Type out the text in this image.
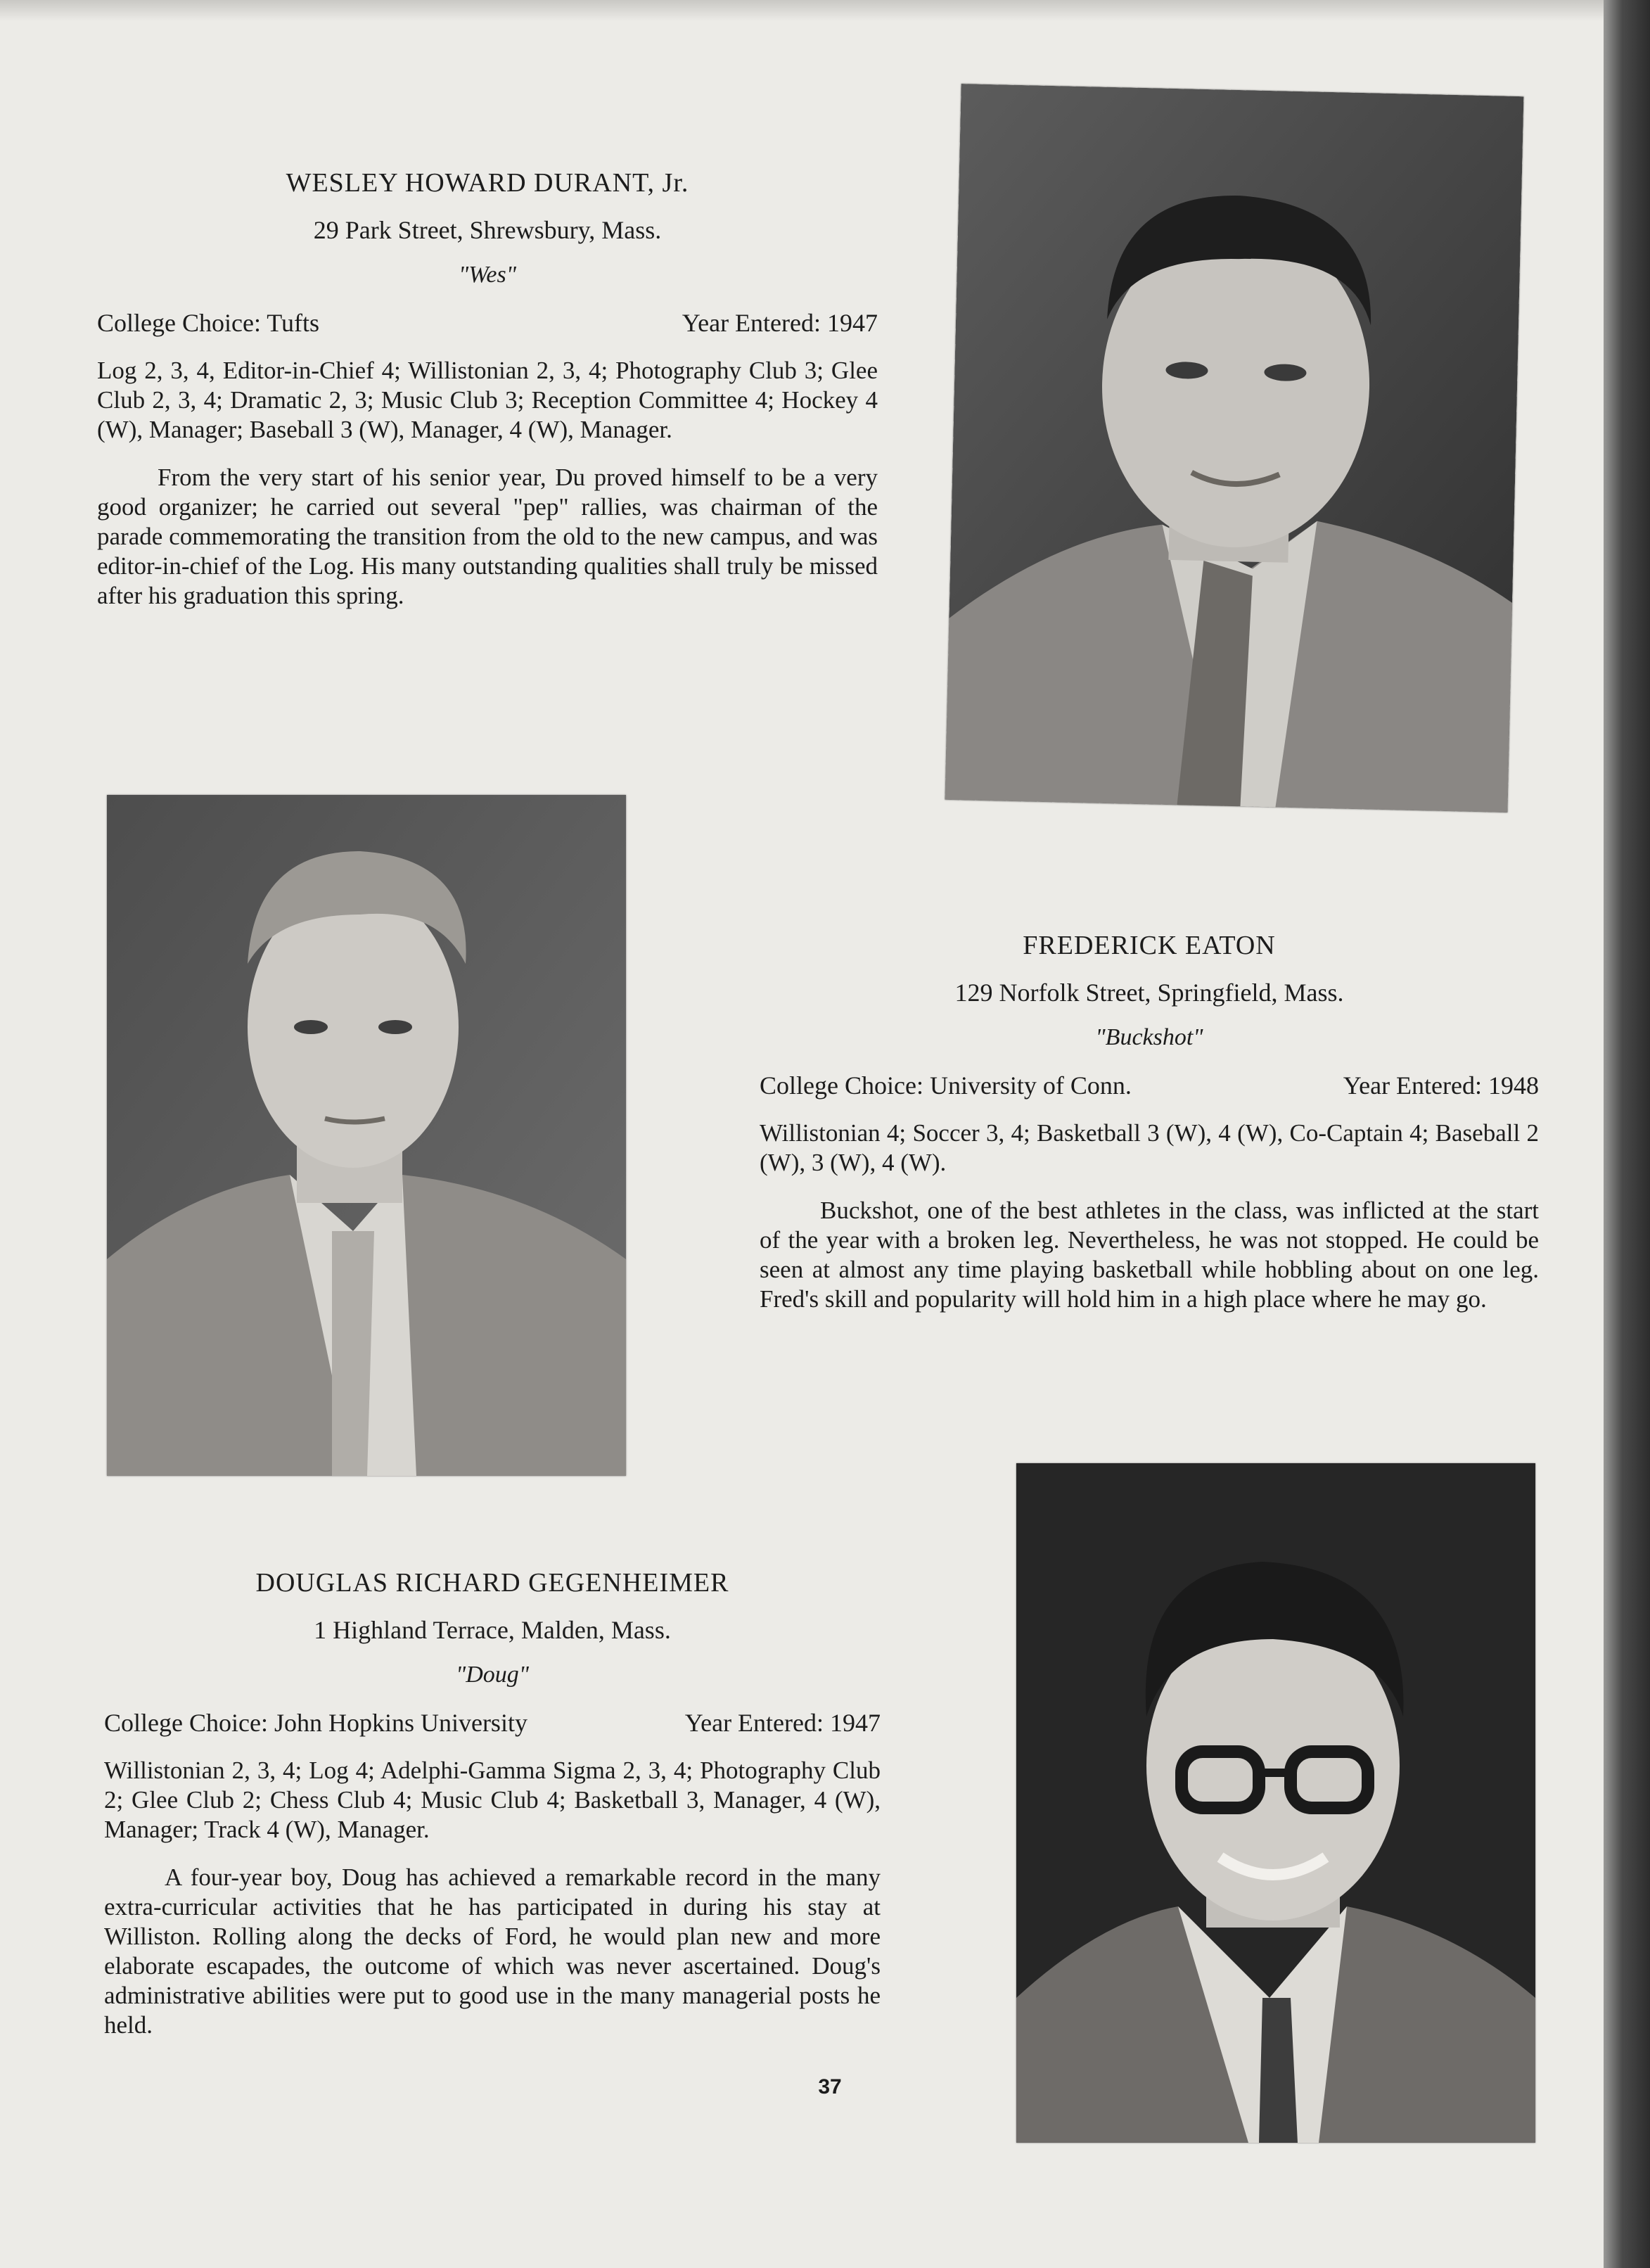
WESLEY HOWARD DURANT, Jr.
29 Park Street, Shrewsbury, Mass.
"Wes"
College Choice: Tufts	Year Entered: 1947
Log 2, 3, 4, Editor-in-Chief 4; Willistonian 2, 3, 4; Photography Club 3; Glee Club 2, 3, 4; Dramatic 2, 3; Music Club 3; Reception Committee 4; Hockey 4 (W), Manager; Baseball 3 (W), Manager, 4 (W), Manager.

From the very start of his senior year, Du proved himself to be a very good organizer; he carried out several "pep" rallies, was chairman of the parade commemorating the transition from the old to the new campus, and was editor-in-chief of the Log. His many outstanding qualities shall truly be missed after his graduation this spring.

FREDERICK EATON
129 Norfolk Street, Springfield, Mass.
"Buckshot"
College Choice: University of Conn.	Year Entered: 1948
Willistonian 4; Soccer 3, 4; Basketball 3 (W), 4 (W), Co-Captain 4; Baseball 2 (W), 3 (W), 4 (W).

Buckshot, one of the best athletes in the class, was inflicted at the start of the year with a broken leg. Nevertheless, he was not stopped. He could be seen at almost any time playing basketball while hobbling about on one leg. Fred's skill and popularity will hold him in a high place where he may go.

DOUGLAS RICHARD GEGENHEIMER
1 Highland Terrace, Malden, Mass.
"Doug"
College Choice: John Hopkins University	Year Entered: 1947
Willistonian 2, 3, 4; Log 4; Adelphi-Gamma Sigma 2, 3, 4; Photography Club 2; Glee Club 2; Chess Club 4; Music Club 4; Basketball 3, Manager, 4 (W), Manager; Track 4 (W), Manager.

A four-year boy, Doug has achieved a remarkable record in the many extra-curricular activities that he has participated in during his stay at Williston. Rolling along the decks of Ford, he would plan new and more elaborate escapades, the outcome of which was never ascertained. Doug's administrative abilities were put to good use in the many managerial posts he held.

37
